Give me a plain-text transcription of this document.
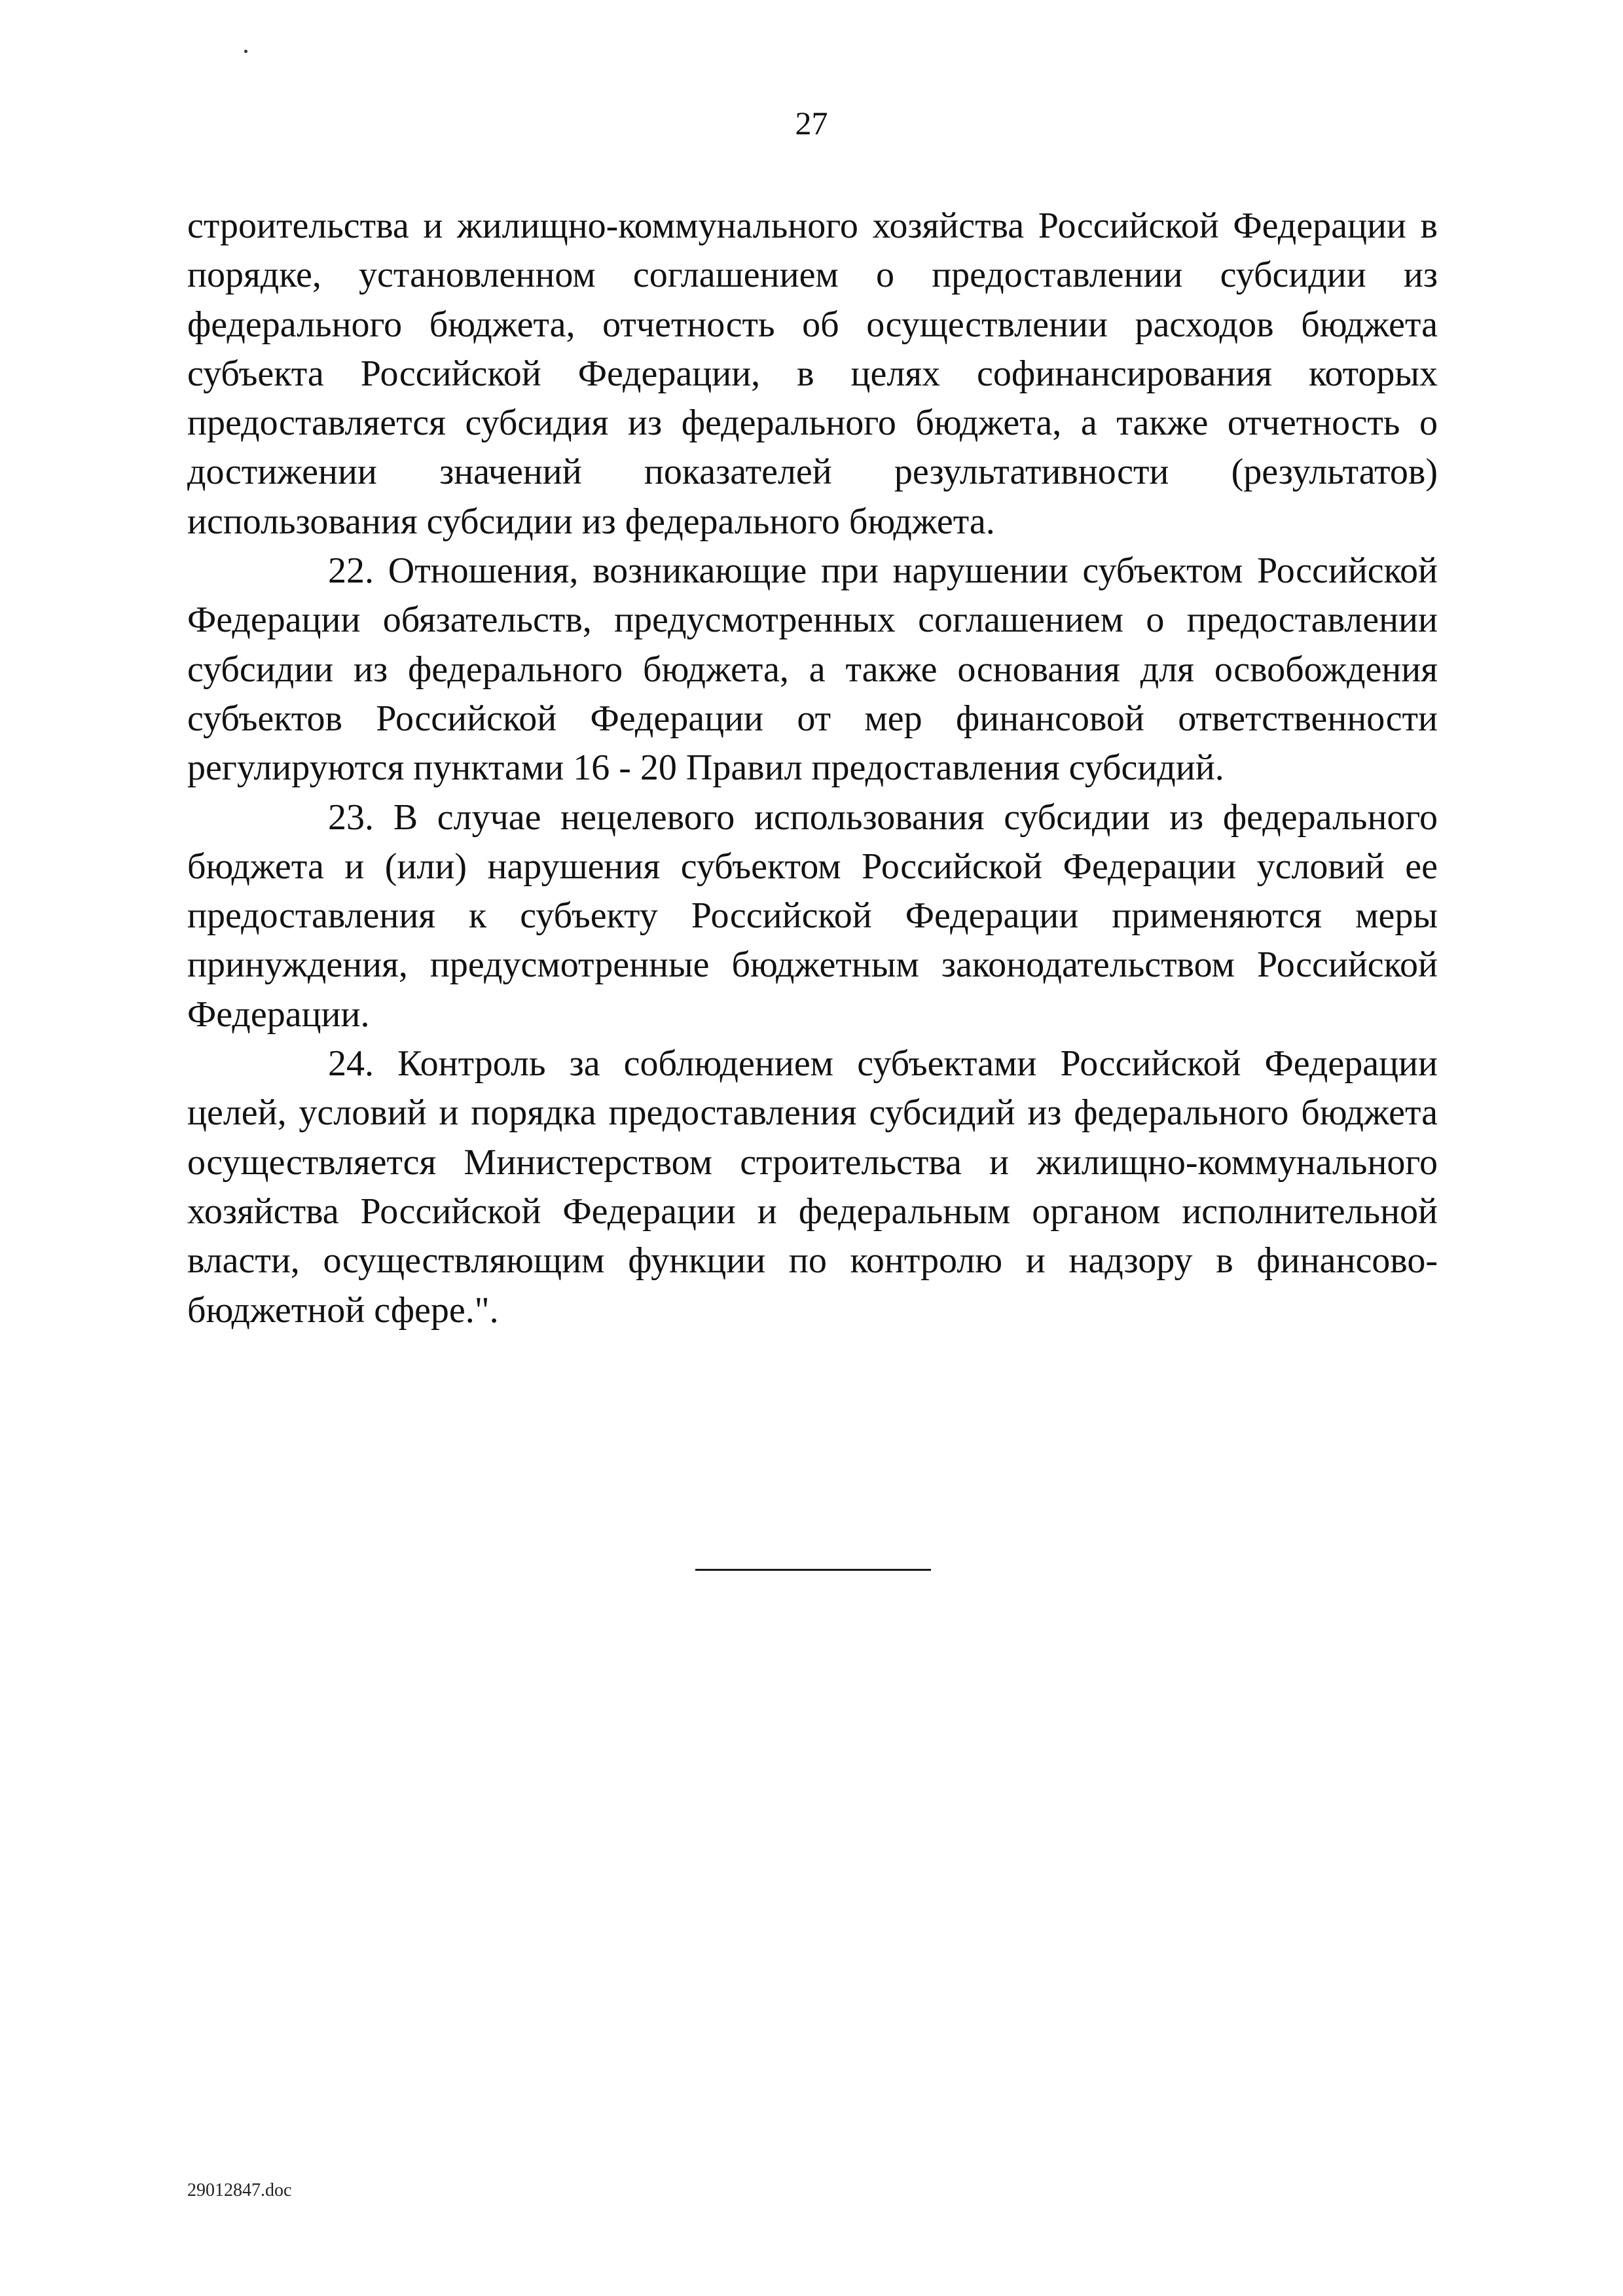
27

строительства и жилищно-коммунального хозяйства Российской Федерации в порядке, установленном соглашением о предоставлении субсидии из федерального бюджета, отчетность об осуществлении расходов бюджета субъекта Российской Федерации, в целях софинансирования которых предоставляется субсидия из федерального бюджета, а также отчетность о достижении значений показателей результативности (результатов) использования субсидии из федерального бюджета.

22. Отношения, возникающие при нарушении субъектом Российской Федерации обязательств, предусмотренных соглашением о предоставлении субсидии из федерального бюджета, а также основания для освобождения субъектов Российской Федерации от мер финансовой ответственности регулируются пунктами 16 - 20 Правил предоставления субсидий.

23. В случае нецелевого использования субсидии из федерального бюджета и (или) нарушения субъектом Российской Федерации условий ее предоставления к субъекту Российской Федерации применяются меры принуждения, предусмотренные бюджетным законодательством Российской Федерации.

24. Контроль за соблюдением субъектами Российской Федерации целей, условий и порядка предоставления субсидий из федерального бюджета осуществляется Министерством строительства и жилищно-коммунального хозяйства Российской Федерации и федеральным органом исполнительной власти, осуществляющим функции по контролю и надзору в финансово-бюджетной сфере.".

29012847.doc
